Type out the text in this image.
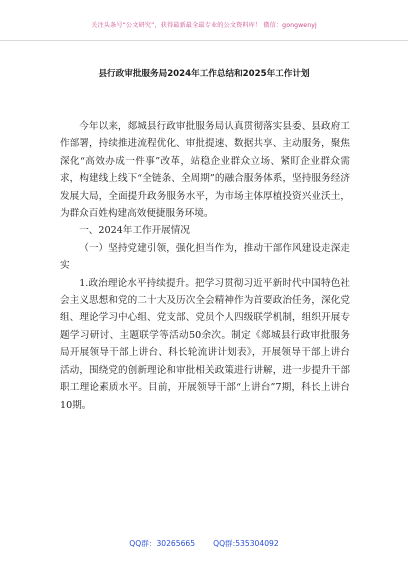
关注头条号“公文研究”，获得最新最全最专业的公文资料库！ 微信：gongwenyj
县行政审批服务局2024年工作总结和2025年工作计划

今年以来，郯城县行政审批服务局认真贯彻落实县委、县政府工作部署，持续推进流程优化、审批提速、数据共享、主动服务，聚焦深化“高效办成一件事”改革，站稳企业群众立场、紧盯企业群众需求，构建线上线下“全链条、全周期”的融合服务体系，坚持服务经济发展大局，全面提升政务服务水平，为市场主体厚植投资兴业沃土，为群众百姓构建高效便捷服务环境。

一、2024年工作开展情况

（一）坚持党建引领，强化担当作为，推动干部作风建设走深走实

1.政治理论水平持续提升。把学习贯彻习近平新时代中国特色社会主义思想和党的二十大及历次全会精神作为首要政治任务，深化党组、理论学习中心组、党支部、党员个人四级联学机制，组织开展专题学习研讨、主题联学等活动50余次。制定《郯城县行政审批服务局开展领导干部上讲台、科长轮流讲计划表》，开展领导干部上讲台活动，围绕党的创新理论和审批相关政策进行讲解，进一步提升干部职工理论素质水平。目前，开展领导干部“上讲台”7期，科长上讲台10期。

QQ群：30265665 QQ群:535304092
